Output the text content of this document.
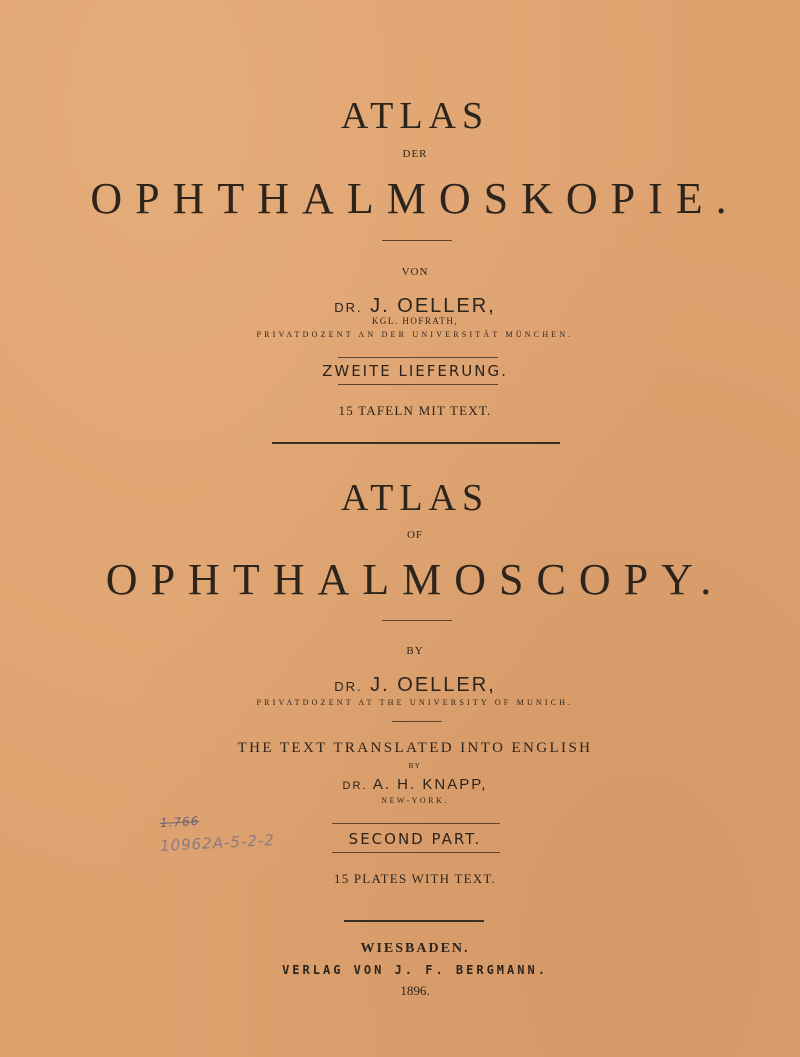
ATLAS
DER
OPHTHALMOSKOPIE.
VON
DR. J. OELLER,
KGL. HOFRATH,
PRIVATDOZENT AN DER UNIVERSITÄT MÜNCHEN.
ZWEITE LIEFERUNG.
15 TAFELN MIT TEXT.
ATLAS
OF
OPHTHALMOSCOPY.
BY
DR. J. OELLER,
PRIVATDOZENT AT THE UNIVERSITY OF MUNICH.
THE TEXT TRANSLATED INTO ENGLISH
BY
DR. A. H. KNAPP,
NEW-YORK.
SECOND PART.
15 PLATES WITH TEXT.
WIESBADEN.
VERLAG VON J. F. BERGMANN.
1896.
1.766
10962A-5-2-2
